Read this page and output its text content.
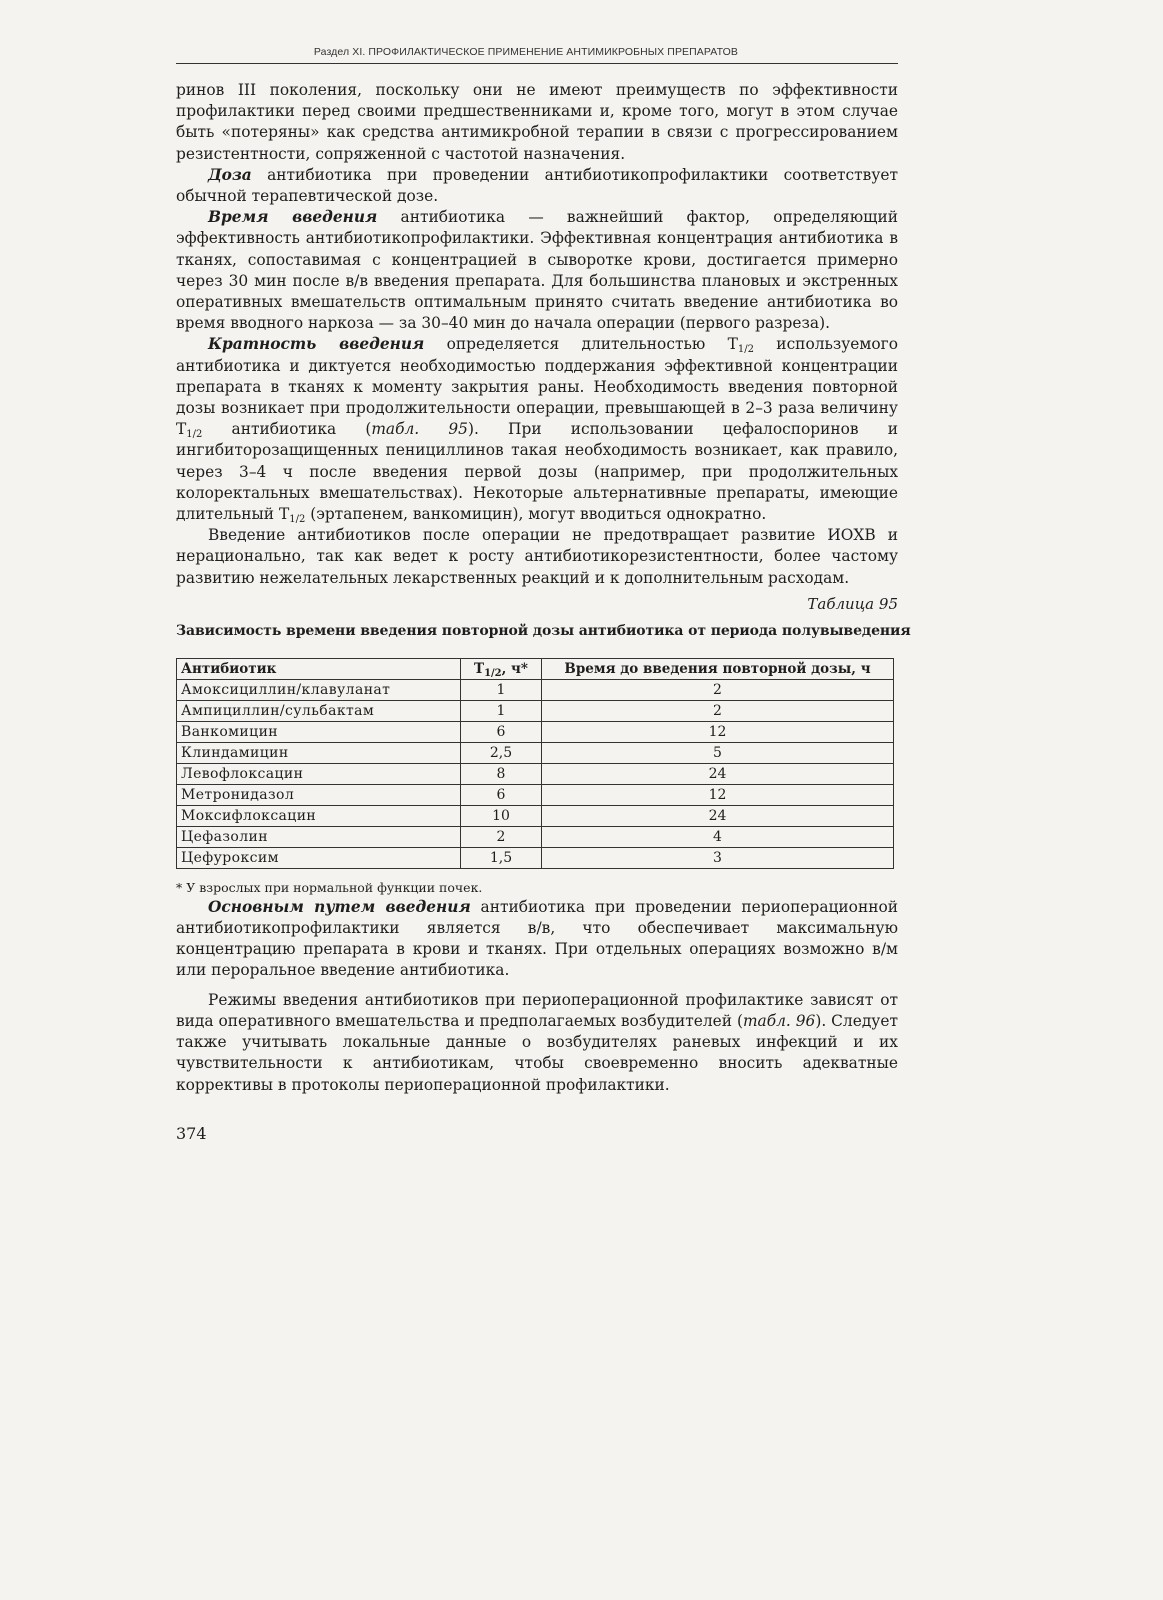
Раздел XI. ПРОФИЛАКТИЧЕСКОЕ ПРИМЕНЕНИЕ АНТИМИКРОБНЫХ ПРЕПАРАТОВ

ринов III поколения, поскольку они не имеют преимуществ по эффективности профилактики перед своими предшественниками и, кроме того, могут в этом случае быть «потеряны» как средства антимикробной терапии в связи с прогрессированием резистентности, сопряженной с частотой назначения.

Доза антибиотика при проведении антибиотикопрофилактики соответствует обычной терапевтической дозе.

Время введения антибиотика — важнейший фактор, определяющий эффективность антибиотикопрофилактики. Эффективная концентрация антибиотика в тканях, сопоставимая с концентрацией в сыворотке крови, достигается примерно через 30 мин после в/в введения препарата. Для большинства плановых и экстренных оперативных вмешательств оптимальным принято считать введение антибиотика во время вводного наркоза — за 30–40 мин до начала операции (первого разреза).

Кратность введения определяется длительностью $Т_{1/2}$ используемого антибиотика и диктуется необходимостью поддержания эффективной концентрации препарата в тканях к моменту закрытия раны. Необходимость введения повторной дозы возникает при продолжительности операции, превышающей в 2–3 раза величину $Т_{1/2}$ антибиотика (табл. 95). При использовании цефалоспоринов и ингибиторозащищенных пенициллинов такая необходимость возникает, как правило, через 3–4 ч после введения первой дозы (например, при продолжительных колоректальных вмешательствах). Некоторые альтернативные препараты, имеющие длительный $Т_{1/2}$ (эртапенем, ванкомицин), могут вводиться однократно.

Введение антибиотиков после операции не предотвращает развитие ИОХВ и нерационально, так как ведет к росту антибиотикорезистентности, более частому развитию нежелательных лекарственных реакций и к дополнительным расходам.

Таблица 95
Зависимость времени введения повторной дозы антибиотика от периода полувыведения
Антибиотик	$Т_{1/2}$, ч*	Время до введения повторной дозы, ч
Амоксициллин/клавуланат	1	2
Ампициллин/сульбактам	1	2
Ванкомицин	6	12
Клиндамицин	2,5	5
Левофлоксацин	8	24
Метронидазол	6	12
Моксифлоксацин	10	24
Цефазолин	2	4
Цефуроксим	1,5	3
* У взрослых при нормальной функции почек.

Основным путем введения антибиотика при проведении периоперационной антибиотикопрофилактики является в/в, что обеспечивает максимальную концентрацию препарата в крови и тканях. При отдельных операциях возможно в/м или пероральное введение антибиотика.

Режимы введения антибиотиков при периоперационной профилактике зависят от вида оперативного вмешательства и предполагаемых возбудителей (табл. 96). Следует также учитывать локальные данные о возбудителях раневых инфекций и их чувствительности к антибиотикам, чтобы своевременно вносить адекватные коррективы в протоколы периоперационной профилактики.

374
